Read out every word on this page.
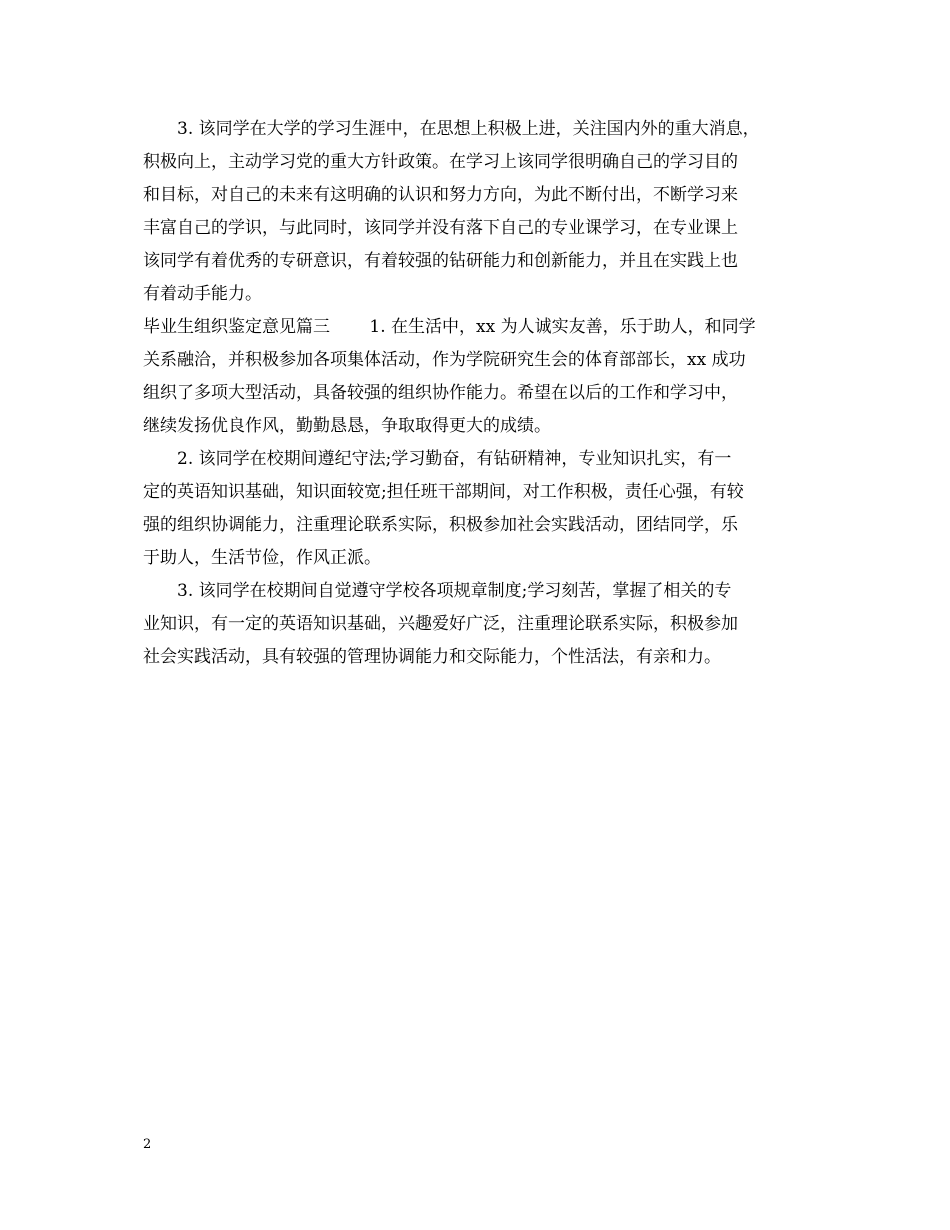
3. 该同学在大学的学习生涯中，在思想上积极上进，关注国内外的重大消息，
积极向上，主动学习党的重大方针政策。在学习上该同学很明确自己的学习目的
和目标，对自己的未来有这明确的认识和努力方向，为此不断付出，不断学习来
丰富自己的学识，与此同时，该同学并没有落下自己的专业课学习，在专业课上
该同学有着优秀的专研意识，有着较强的钻研能力和创新能力，并且在实践上也
有着动手能力。
毕业生组织鉴定意见篇三　　 1. 在生活中，xx 为人诚实友善，乐于助人，和同学
关系融洽，并积极参加各项集体活动，作为学院研究生会的体育部部长，xx 成功
组织了多项大型活动，具备较强的组织协作能力。希望在以后的工作和学习中，
继续发扬优良作风，勤勤恳恳，争取取得更大的成绩。
2. 该同学在校期间遵纪守法;学习勤奋，有钻研精神，专业知识扎实，有一
定的英语知识基础，知识面较宽;担任班干部期间，对工作积极，责任心强，有较
强的组织协调能力，注重理论联系实际，积极参加社会实践活动，团结同学，乐
于助人，生活节俭，作风正派。
3. 该同学在校期间自觉遵守学校各项规章制度;学习刻苦，掌握了相关的专
业知识，有一定的英语知识基础，兴趣爱好广泛，注重理论联系实际，积极参加
社会实践活动，具有较强的管理协调能力和交际能力，个性活法，有亲和力。
2
